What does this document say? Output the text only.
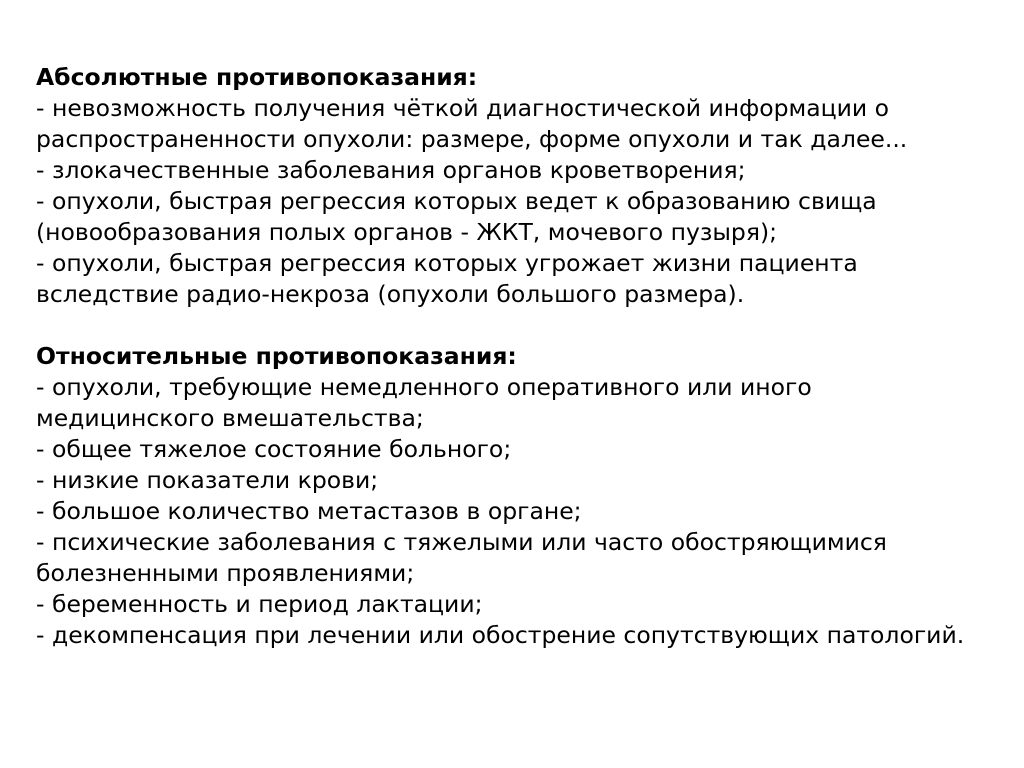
Абсолютные противопоказания:
- невозможность получения чёткой диагностической информации о распространенности опухоли: размере, форме опухоли и так далее...
- злокачественные заболевания органов кроветворения;
- опухоли, быстрая регрессия которых ведет к образованию свища (новообразования полых органов - ЖКТ, мочевого пузыря);
- опухоли, быстрая регрессия которых угрожает жизни пациента вследствие радио-некроза (опухоли большого размера).
Относительные противопоказания:
- опухоли, требующие немедленного оперативного или иного медицинского вмешательства;
- общее тяжелое состояние больного;
- низкие показатели крови;
- большое количество метастазов в органе;
- психические заболевания с тяжелыми или часто обостряющимися болезненными проявлениями;
- беременность и период лактации;
- декомпенсация при лечении или обострение сопутствующих патологий.
